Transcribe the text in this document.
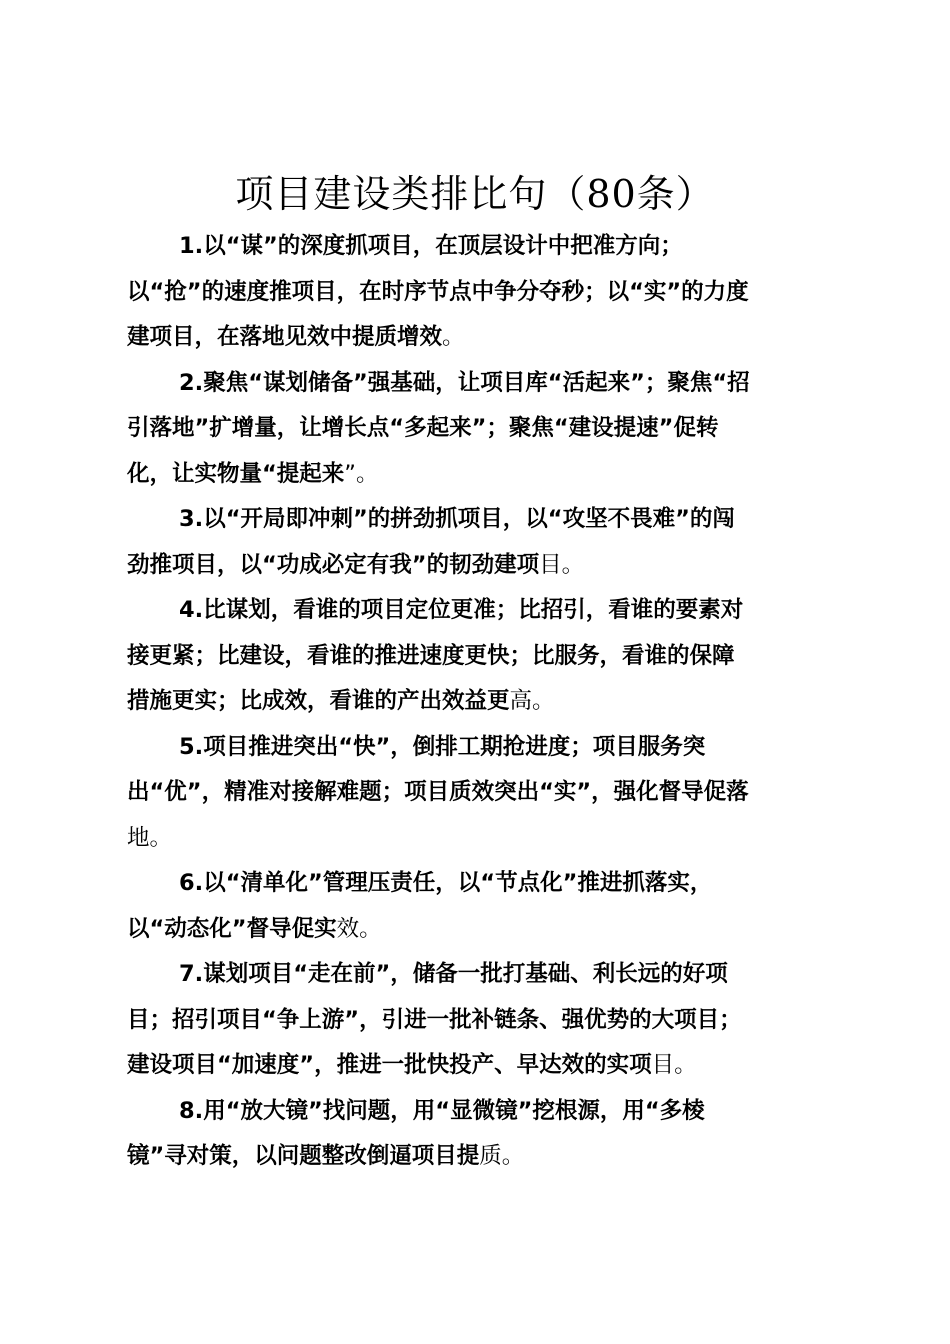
项目建设类排比句（80条）

1.以“谋”的深度抓项目，在顶层设计中把准方向；
以“抢”的速度推项目，在时序节点中争分夺秒；以“实”的力度
建项目，在落地见效中提质增效。

2.聚焦“谋划储备”强基础，让项目库“活起来”；聚焦“招
引落地”扩增量，让增长点“多起来”；聚焦“建设提速”促转
化，让实物量“提起来”。

3.以“开局即冲刺”的拼劲抓项目，以“攻坚不畏难”的闯
劲推项目，以“功成必定有我”的韧劲建项目。

4.比谋划，看谁的项目定位更准；比招引，看谁的要素对
接更紧；比建设，看谁的推进速度更快；比服务，看谁的保障
措施更实；比成效，看谁的产出效益更高。

5.项目推进突出“快”，倒排工期抢进度；项目服务突
出“优”，精准对接解难题；项目质效突出“实”，强化督导促落
地。

6.以“清单化”管理压责任，以“节点化”推进抓落实，
以“动态化”督导促实效。

7.谋划项目“走在前”，储备一批打基础、利长远的好项
目；招引项目“争上游”，引进一批补链条、强优势的大项目；
建设项目“加速度”，推进一批快投产、早达效的实项目。

8.用“放大镜”找问题，用“显微镜”挖根源，用“多棱
镜”寻对策，以问题整改倒逼项目提质。
